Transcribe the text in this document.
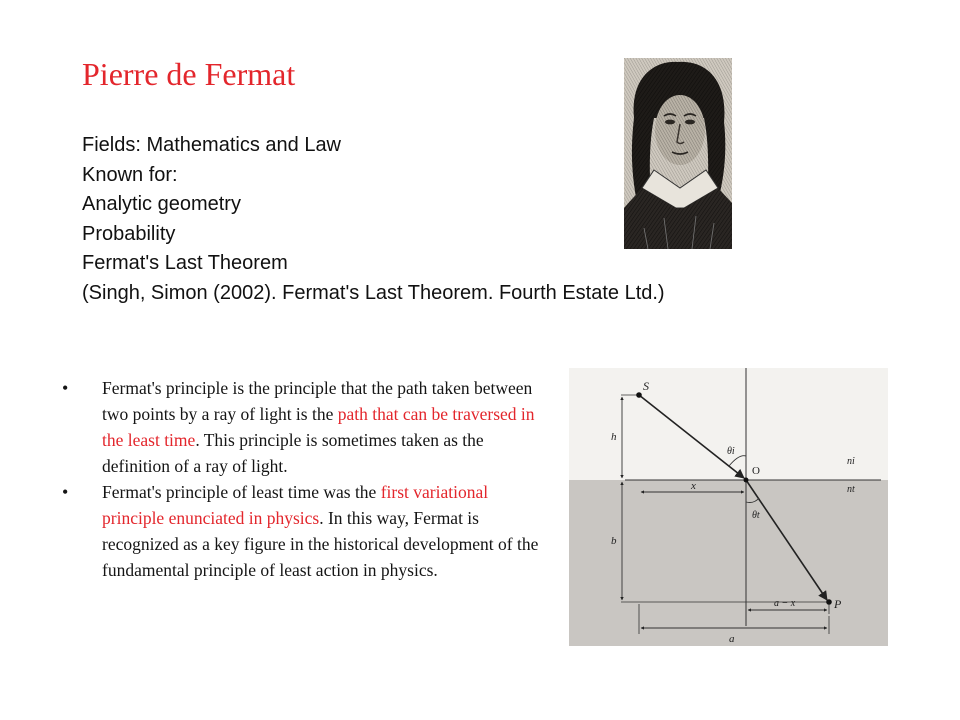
Pierre de Fermat
Fields: Mathematics and Law
Known for:
Analytic geometry
Probability
Fermat's Last Theorem
(Singh, Simon (2002). Fermat's Last Theorem. Fourth Estate Ltd.)
• Fermat's principle is the principle that the path taken between two points by a ray of light is the path that can be traversed in the least time. This principle is sometimes taken as the definition of a ray of light.
• Fermat's principle of least time was the first variational principle enunciated in physics. In this way, Fermat is recognized as a key figure in the historical development of the fundamental principle of least action in physics.
S
O
P
θi
θt
ni
nt
h
b
x
a − x
a
